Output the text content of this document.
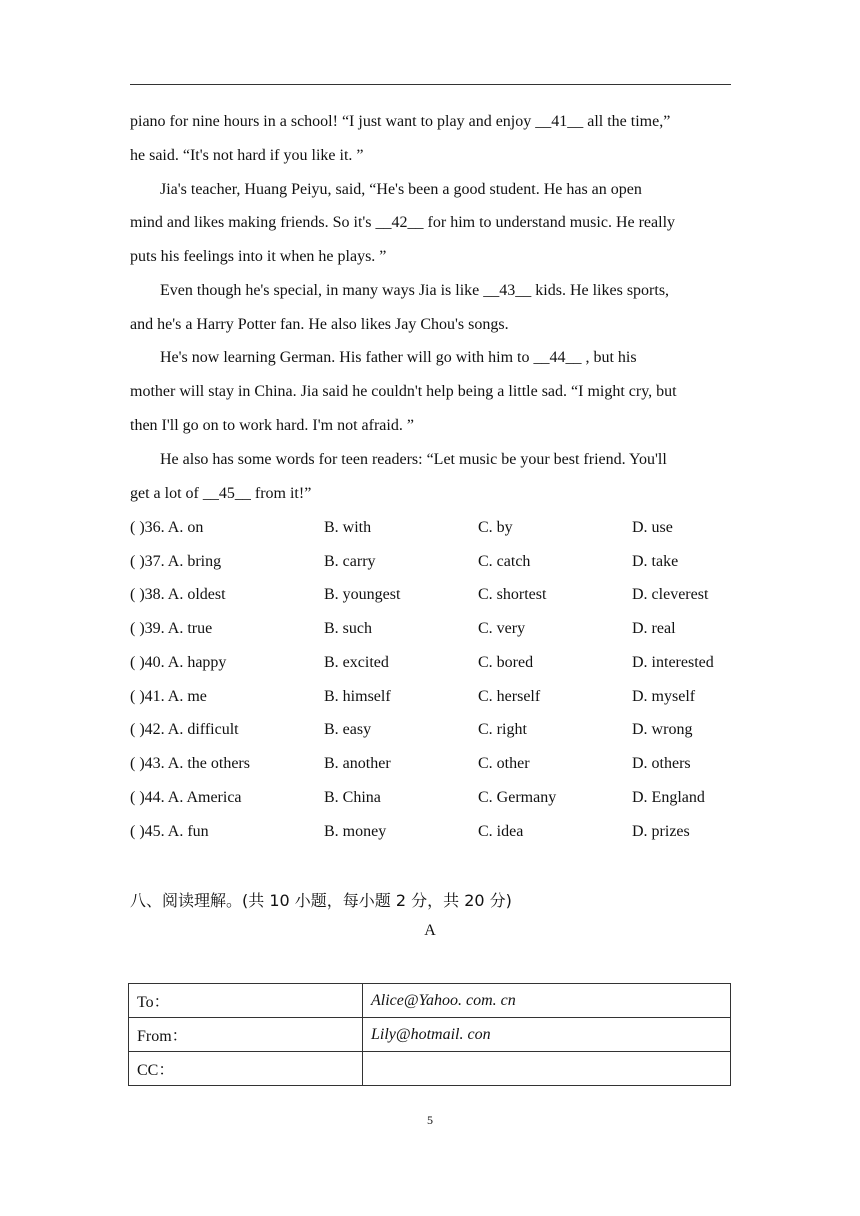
piano for nine hours in a school! “I just want to play and enjoy __41__ all the time,”
he said. “It's not hard if you like it. ”
Jia's teacher, Huang Peiyu, said, “He's been a good student. He has an open
mind and likes making friends. So it's __42__ for him to understand music. He really
puts his feelings into it when he plays. ”
Even though he's special, in many ways Jia is like __43__ kids. He likes sports,
and he's a Harry Potter fan. He also likes Jay Chou's songs.
He's now learning German. His father will go with him to __44__ , but his
mother will stay in China. Jia said he couldn't help being a little sad. “I might cry, but
then I'll go on to work hard. I'm not afraid. ”
He also has some words for teen readers: “Let music be your best friend. You'll
get a lot of __45__ from it!”
( )36. A. on	B. with	C. by	D. use
( )37. A. bring	B. carry	C. catch	D. take
( )38. A. oldest	B. youngest	C. shortest	D. cleverest
( )39. A. true	B. such	C. very	D. real
( )40. A. happy	B. excited	C. bored	D. interested
( )41. A. me	B. himself	C. herself	D. myself
( )42. A. difficult	B. easy	C. right	D. wrong
( )43. A. the others	B. another	C. other	D. others
( )44. A. America	B. China	C. Germany	D. England
( )45. A. fun	B. money	C. idea	D. prizes
八、阅读理解。(共 10 小题，每小题 2 分，共 20 分)
A
To：	Alice@Yahoo. com. cn
From：	Lily@hotmail. con
CC：	
5
